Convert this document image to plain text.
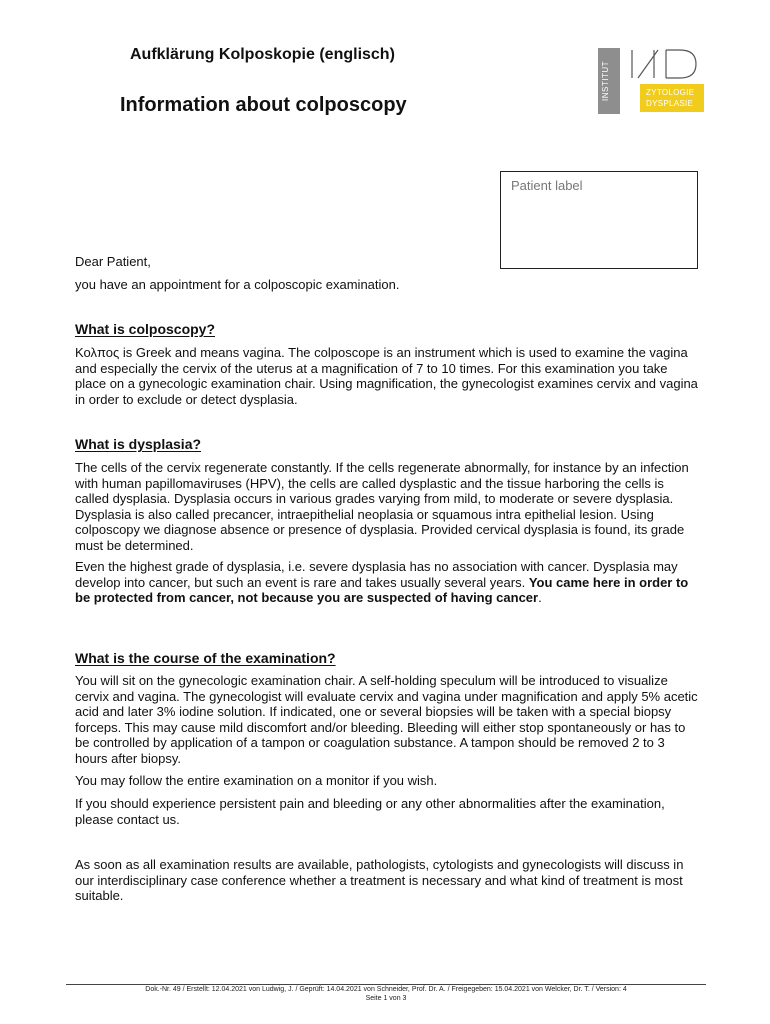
Aufklärung Kolposkopie (englisch)
Information about colposcopy
INSTITUT	ZYTOLOGIE
DYSPLASIE
Patient label
Dear Patient,
you have an appointment for a colposcopic examination.
What is colposcopy?
Κολπος is Greek and means vagina. The colposcope is an instrument which is used to examine the vagina and especially the cervix of the uterus at a magnification of 7 to 10 times. For this examination you take place on a gynecologic examination chair. Using magnification, the gynecologist examines cervix and vagina in order to exclude or detect dysplasia.
What is dysplasia?
The cells of the cervix regenerate constantly. If the cells regenerate abnormally, for instance by an infection with human papillomaviruses (HPV), the cells are called dysplastic and the tissue harboring the cells is called dysplasia. Dysplasia occurs in various grades varying from mild, to moderate or severe dysplasia. Dysplasia is also called precancer, intraepithelial neoplasia or squamous intra epithelial lesion. Using colposcopy we diagnose absence or presence of dysplasia. Provided cervical dysplasia is found, its grade must be determined.
Even the highest grade of dysplasia, i.e. severe dysplasia has no association with cancer. Dysplasia may develop into cancer, but such an event is rare and takes usually several years. You came here in order to be protected from cancer, not because you are suspected of having cancer.
What is the course of the examination?
You will sit on the gynecologic examination chair. A self-holding speculum will be introduced to visualize cervix and vagina. The gynecologist will evaluate cervix and vagina under magnification and apply 5% acetic acid and later 3% iodine solution. If indicated, one or several biopsies will be taken with a special biopsy forceps. This may cause mild discomfort and/or bleeding. Bleeding will either stop spontaneously or has to be controlled by application of a tampon or coagulation substance. A tampon should be removed 2 to 3 hours after biopsy.
You may follow the entire examination on a monitor if you wish.
If you should experience persistent pain and bleeding or any other abnormalities after the examination, please contact us.
As soon as all examination results are available, pathologists, cytologists and gynecologists will discuss in our interdisciplinary case conference whether a treatment is necessary and what kind of treatment is most suitable.
Dok.-Nr. 49 / Erstellt: 12.04.2021 von Ludwig, J. / Geprüft: 14.04.2021 von Schneider, Prof. Dr. A. / Freigegeben: 15.04.2021 von Welcker, Dr. T. / Version: 4
Seite 1 von 3
